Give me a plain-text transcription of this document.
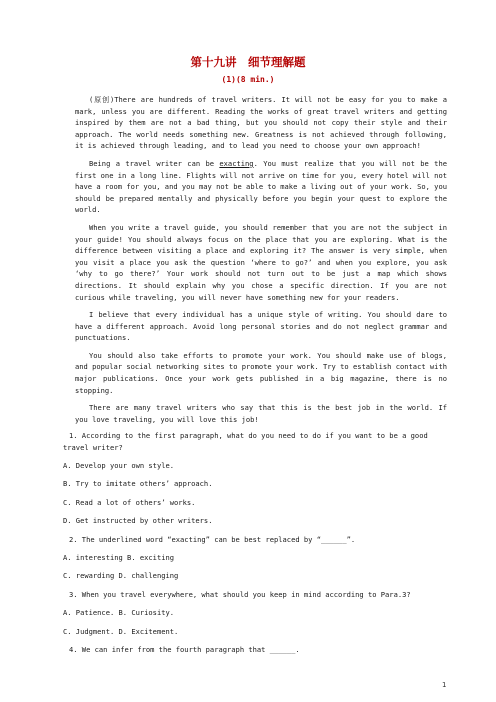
第十九讲　细节理解题
(1)(8 min.)

(原创)There are hundreds of travel writers. It will not be easy for you to make a mark, unless you are different. Reading the works of great travel writers and getting inspired by them are not a bad thing, but you should not copy their style and their approach. The world needs something new. Greatness is not achieved through following, it is achieved through leading, and to lead you need to choose your own approach!

Being a travel writer can be exacting. You must realize that you will not be the first one in a long line. Flights will not arrive on time for you, every hotel will not have a room for you, and you may not be able to make a living out of your work. So, you should be prepared mentally and physically before you begin your quest to explore the world.

When you write a travel guide, you should remember that you are not the subject in your guide! You should always focus on the place that you are exploring. What is the difference between visiting a place and exploring it? The answer is very simple, when you visit a place you ask the question ‘where to go?’ and when you explore, you ask ‘why to go there?’ Your work should not turn out to be just a map which shows directions. It should explain why you chose a specific direction. If you are not curious while traveling, you will never have something new for your readers.

I believe that every individual has a unique style of writing. You should dare to have a different approach. Avoid long personal stories and do not neglect grammar and punctuations.

You should also take efforts to promote your work. You should make use of blogs, and popular social networking sites to promote your work. Try to establish contact with major publications. Once your work gets published in a big magazine, there is no stopping.

There are many travel writers who say that this is the best job in the world. If you love traveling, you will love this job!

1. According to the first paragraph, what do you need to do if you want to be a good travel writer?
A. Develop your own style.
B. Try to imitate others’ approach.
C. Read a lot of others’ works.
D. Get instructed by other writers.
2. The underlined word “exacting” can be best replaced by “______”.
A. interesting B. exciting
C. rewarding D. challenging
3. When you travel everywhere, what should you keep in mind according to Para.3?
A. Patience. B. Curiosity.
C. Judgment. D. Excitement.
4. We can infer from the fourth paragraph that ______.
1
